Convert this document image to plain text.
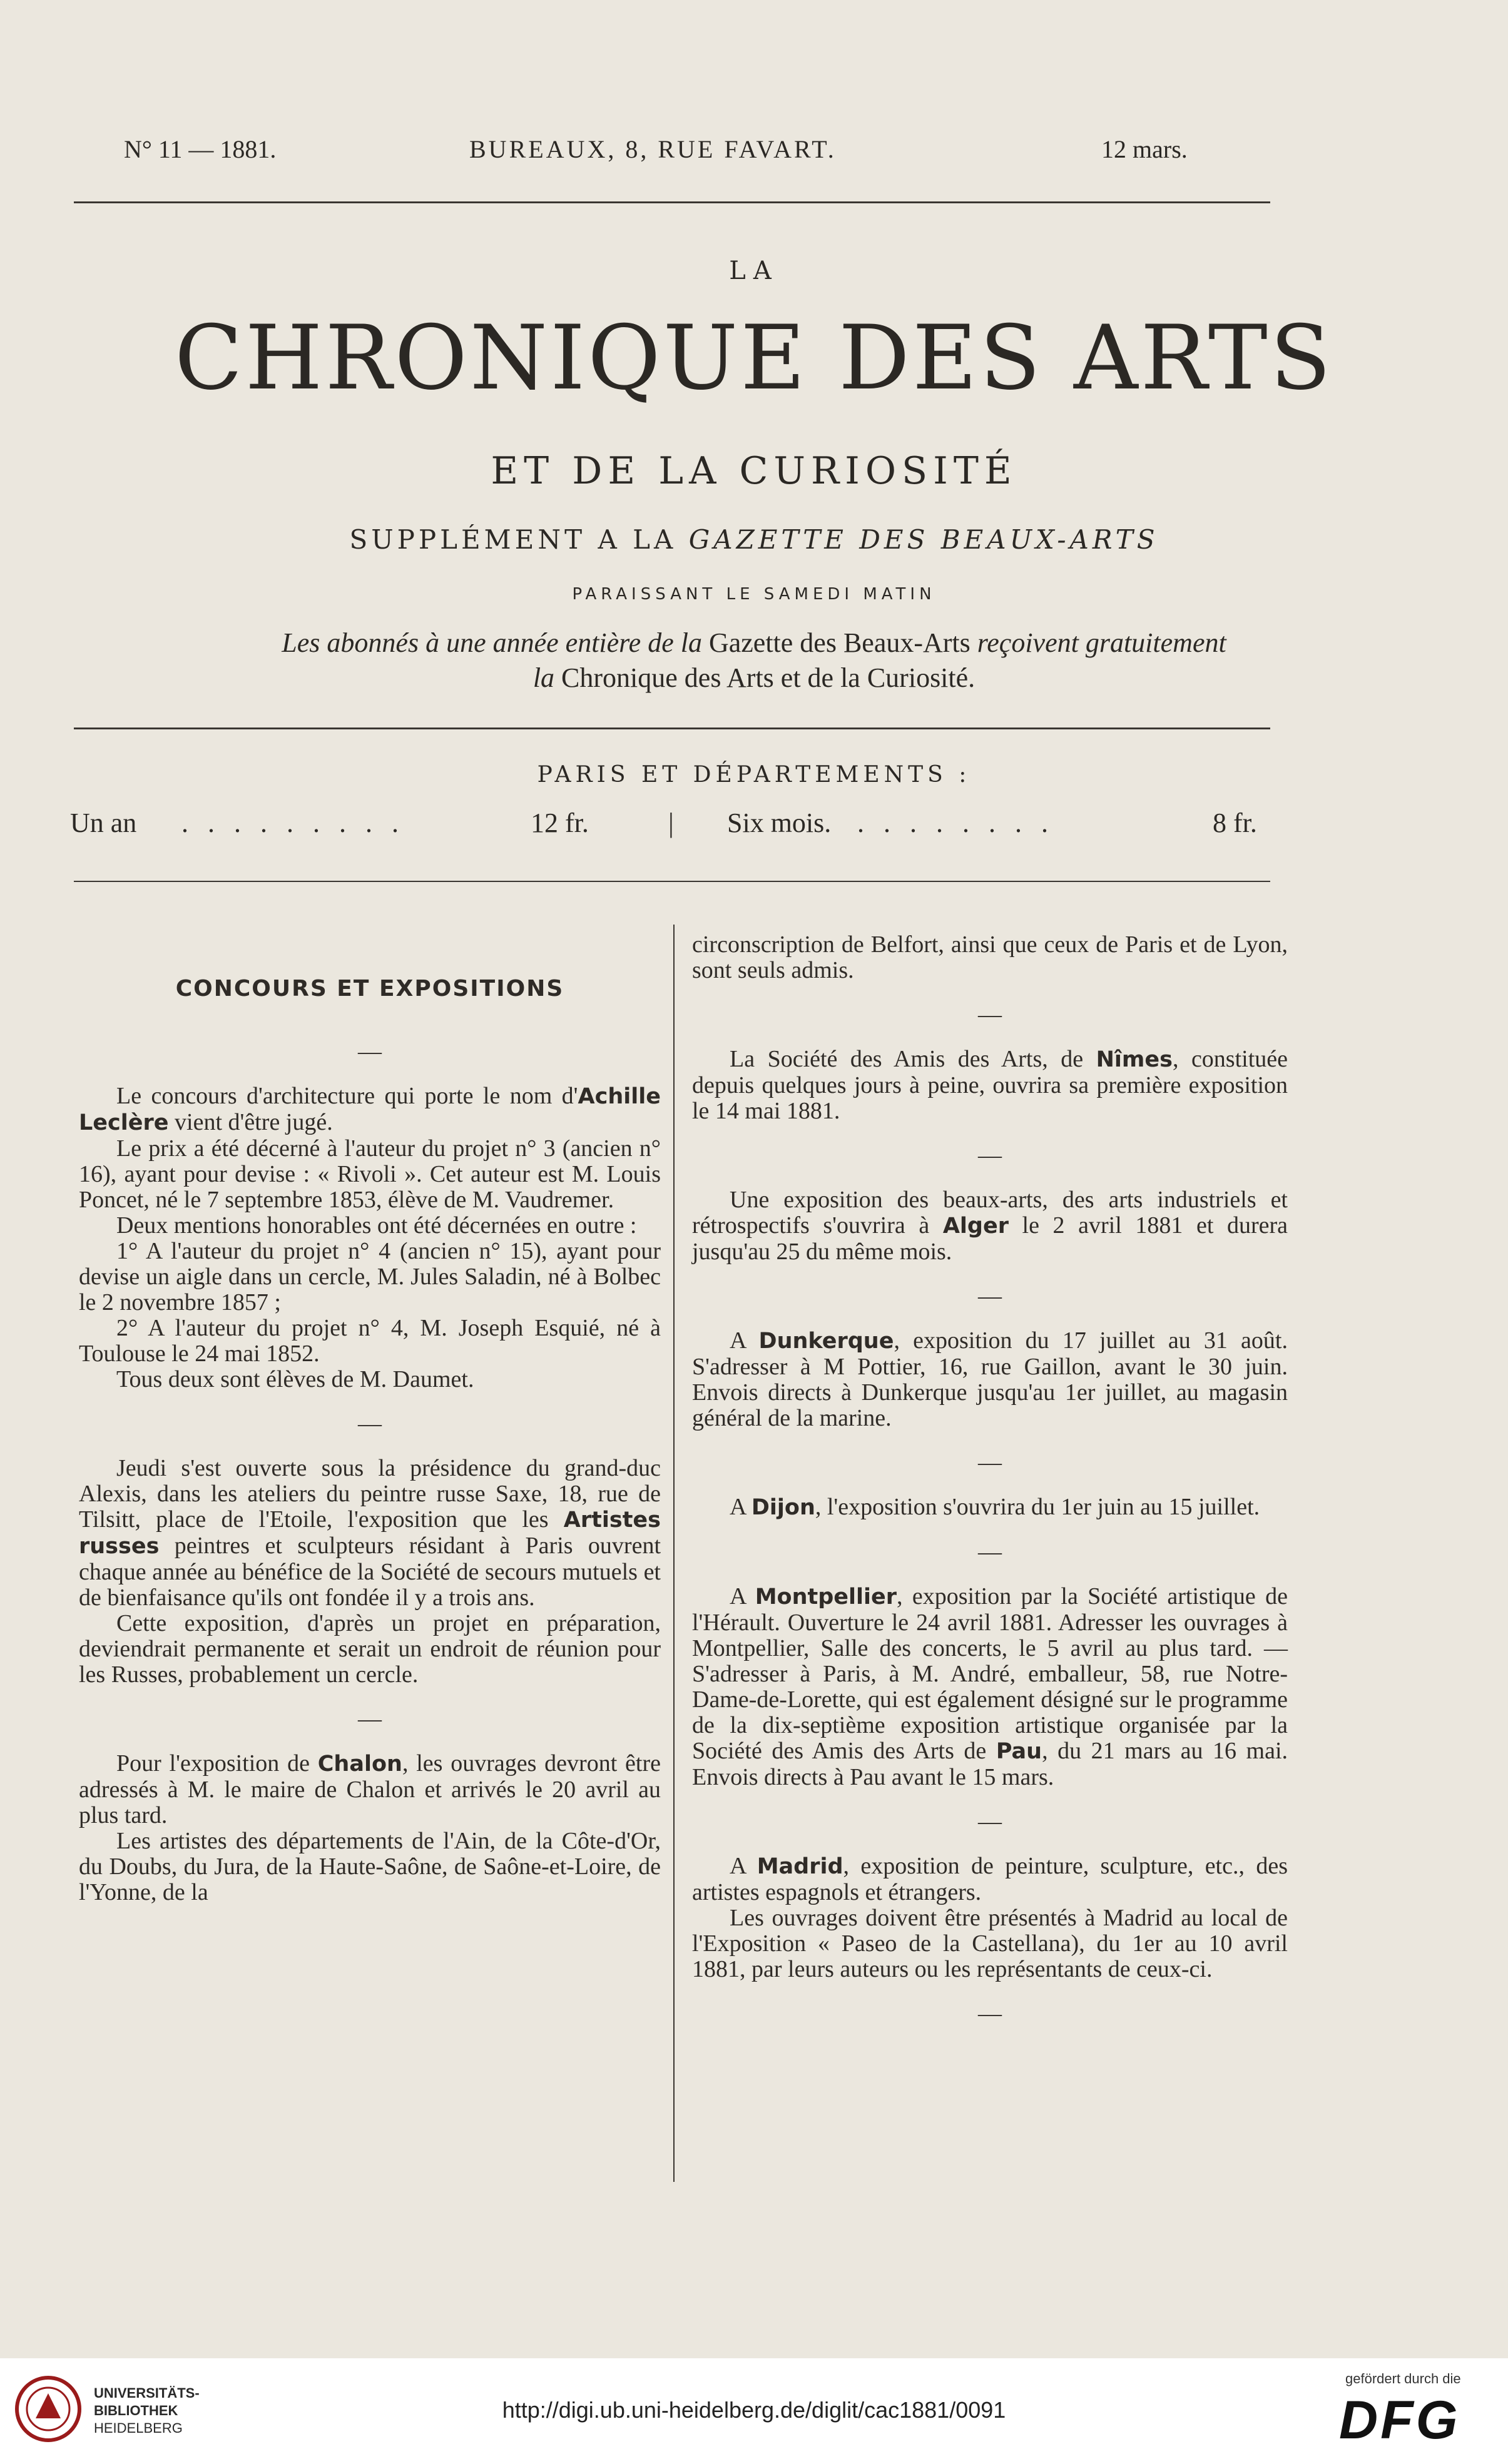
N° 11 — 1881.	BUREAUX, 8, RUE FAVART.	12 mars.
LA
CHRONIQUE DES ARTS
ET DE LA CURIOSITÉ
SUPPLÉMENT A LA GAZETTE DES BEAUX-ARTS
PARAISSANT LE SAMEDI MATIN
Les abonnés à une année entière de la Gazette des Beaux-Arts reçoivent gratuitement
la Chronique des Arts et de la Curiosité.
PARIS ET DÉPARTEMENTS :
Un an . . . . . . . . .	12 fr.	| Six mois. . . . . . . . .	8 fr.
CONCOURS ET EXPOSITIONS
—

Le concours d'architecture qui porte le nom d'Achille Leclère vient d'être jugé.

Le prix a été décerné à l'auteur du projet n° 3 (ancien n° 16), ayant pour devise : « Rivoli ». Cet auteur est M. Louis Poncet, né le 7 septembre 1853, élève de M. Vaudremer.

Deux mentions honorables ont été décernées en outre :

1° A l'auteur du projet n° 4 (ancien n° 15), ayant pour devise un aigle dans un cercle, M. Jules Saladin, né à Bolbec le 2 novembre 1857 ;

2° A l'auteur du projet n° 4, M. Joseph Esquié, né à Toulouse le 24 mai 1852.

Tous deux sont élèves de M. Daumet.

—

Jeudi s'est ouverte sous la présidence du grand-duc Alexis, dans les ateliers du peintre russe Saxe, 18, rue de Tilsitt, place de l'Etoile, l'exposition que les Artistes russes peintres et sculpteurs résidant à Paris ouvrent chaque année au bénéfice de la Société de secours mutuels et de bienfaisance qu'ils ont fondée il y a trois ans.

Cette exposition, d'après un projet en préparation, deviendrait permanente et serait un endroit de réunion pour les Russes, probablement un cercle.

—

Pour l'exposition de Chalon, les ouvrages devront être adressés à M. le maire de Chalon et arrivés le 20 avril au plus tard.

Les artistes des départements de l'Ain, de la Côte-d'Or, du Doubs, du Jura, de la Haute-Saône, de Saône-et-Loire, de l'Yonne, de la

circonscription de Belfort, ainsi que ceux de Paris et de Lyon, sont seuls admis.

—

La Société des Amis des Arts, de Nîmes, constituée depuis quelques jours à peine, ouvrira sa première exposition le 14 mai 1881.

—

Une exposition des beaux-arts, des arts industriels et rétrospectifs s'ouvrira à Alger le 2 avril 1881 et durera jusqu'au 25 du même mois.

—

A Dunkerque, exposition du 17 juillet au 31 août. S'adresser à M Pottier, 16, rue Gaillon, avant le 30 juin. Envois directs à Dunkerque jusqu'au 1er juillet, au magasin général de la marine.

—

A Dijon, l'exposition s'ouvrira du 1er juin au 15 juillet.

—

A Montpellier, exposition par la Société artistique de l'Hérault. Ouverture le 24 avril 1881. Adresser les ouvrages à Montpellier, Salle des concerts, le 5 avril au plus tard. — S'adresser à Paris, à M. André, emballeur, 58, rue Notre-Dame-de-Lorette, qui est également désigné sur le programme de la dix-septième exposition artistique organisée par la Société des Amis des Arts de Pau, du 21 mars au 16 mai. Envois directs à Pau avant le 15 mars.

—

A Madrid, exposition de peinture, sculpture, etc., des artistes espagnols et étrangers.

Les ouvrages doivent être présentés à Madrid au local de l'Exposition « Paseo de la Castellana), du 1er au 10 avril 1881, par leurs auteurs ou les représentants de ceux-ci.

—
UNIVERSITÄTS-
BIBLIOTHEK
HEIDELBERG
http://digi.ub.uni-heidelberg.de/diglit/cac1881/0091
gefördert durch die
DFG
